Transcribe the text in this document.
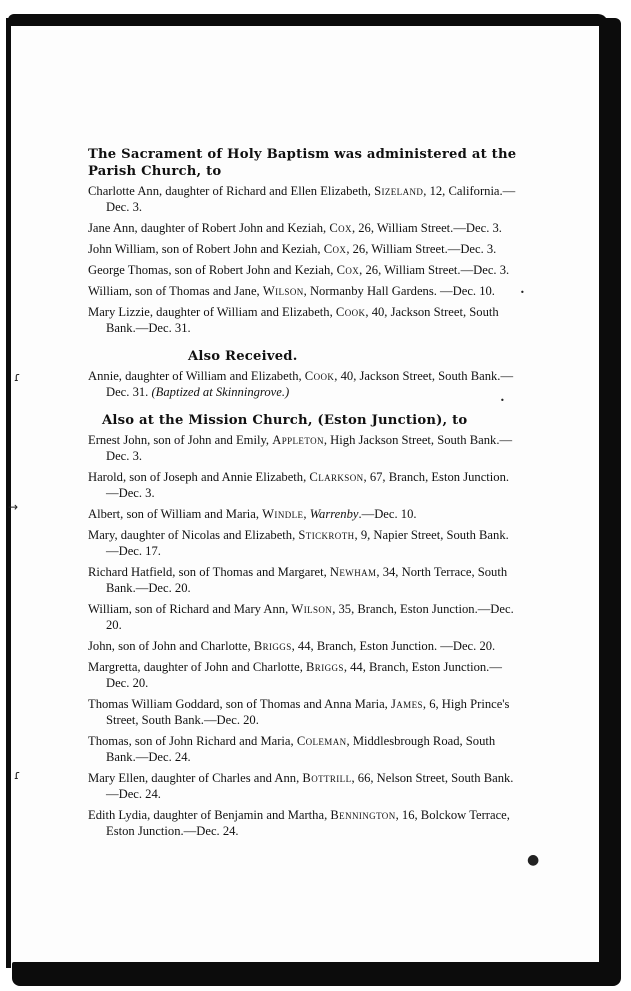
ɾ
→
ɾ
•
•
●
The Sacrament of Holy Baptism was administered at the Parish Church, to
Charlotte Ann, daughter of Richard and Ellen Elizabeth, Sizeland, 12, California.—Dec. 3.
Jane Ann, daughter of Robert John and Keziah, Cox, 26, William Street.—Dec. 3.
John William, son of Robert John and Keziah, Cox, 26, William Street.—Dec. 3.
George Thomas, son of Robert John and Keziah, Cox, 26, William Street.—Dec. 3.
William, son of Thomas and Jane, Wilson, Normanby Hall Gardens. —Dec. 10.
Mary Lizzie, daughter of William and Elizabeth, Cook, 40, Jackson Street, South Bank.—Dec. 31.
Also Received.
Annie, daughter of William and Elizabeth, Cook, 40, Jackson Street, South Bank.—Dec. 31. (Baptized at Skinningrove.)
Also at the Mission Church, (Eston Junction), to
Ernest John, son of John and Emily, Appleton, High Jackson Street, South Bank.—Dec. 3.
Harold, son of Joseph and Annie Elizabeth, Clarkson, 67, Branch, Eston Junction.—Dec. 3.
Albert, son of William and Maria, Windle, Warrenby.—Dec. 10.
Mary, daughter of Nicolas and Elizabeth, Stickroth, 9, Napier Street, South Bank.—Dec. 17.
Richard Hatfield, son of Thomas and Margaret, Newham, 34, North Terrace, South Bank.—Dec. 20.
William, son of Richard and Mary Ann, Wilson, 35, Branch, Eston Junction.—Dec. 20.
John, son of John and Charlotte, Briggs, 44, Branch, Eston Junction. —Dec. 20.
Margretta, daughter of John and Charlotte, Briggs, 44, Branch, Eston Junction.—Dec. 20.
Thomas William Goddard, son of Thomas and Anna Maria, James, 6, High Prince's Street, South Bank.—Dec. 20.
Thomas, son of John Richard and Maria, Coleman, Middlesbrough Road, South Bank.—Dec. 24.
Mary Ellen, daughter of Charles and Ann, Bottrill, 66, Nelson Street, South Bank.—Dec. 24.
Edith Lydia, daughter of Benjamin and Martha, Bennington, 16, Bolckow Terrace, Eston Junction.—Dec. 24.
